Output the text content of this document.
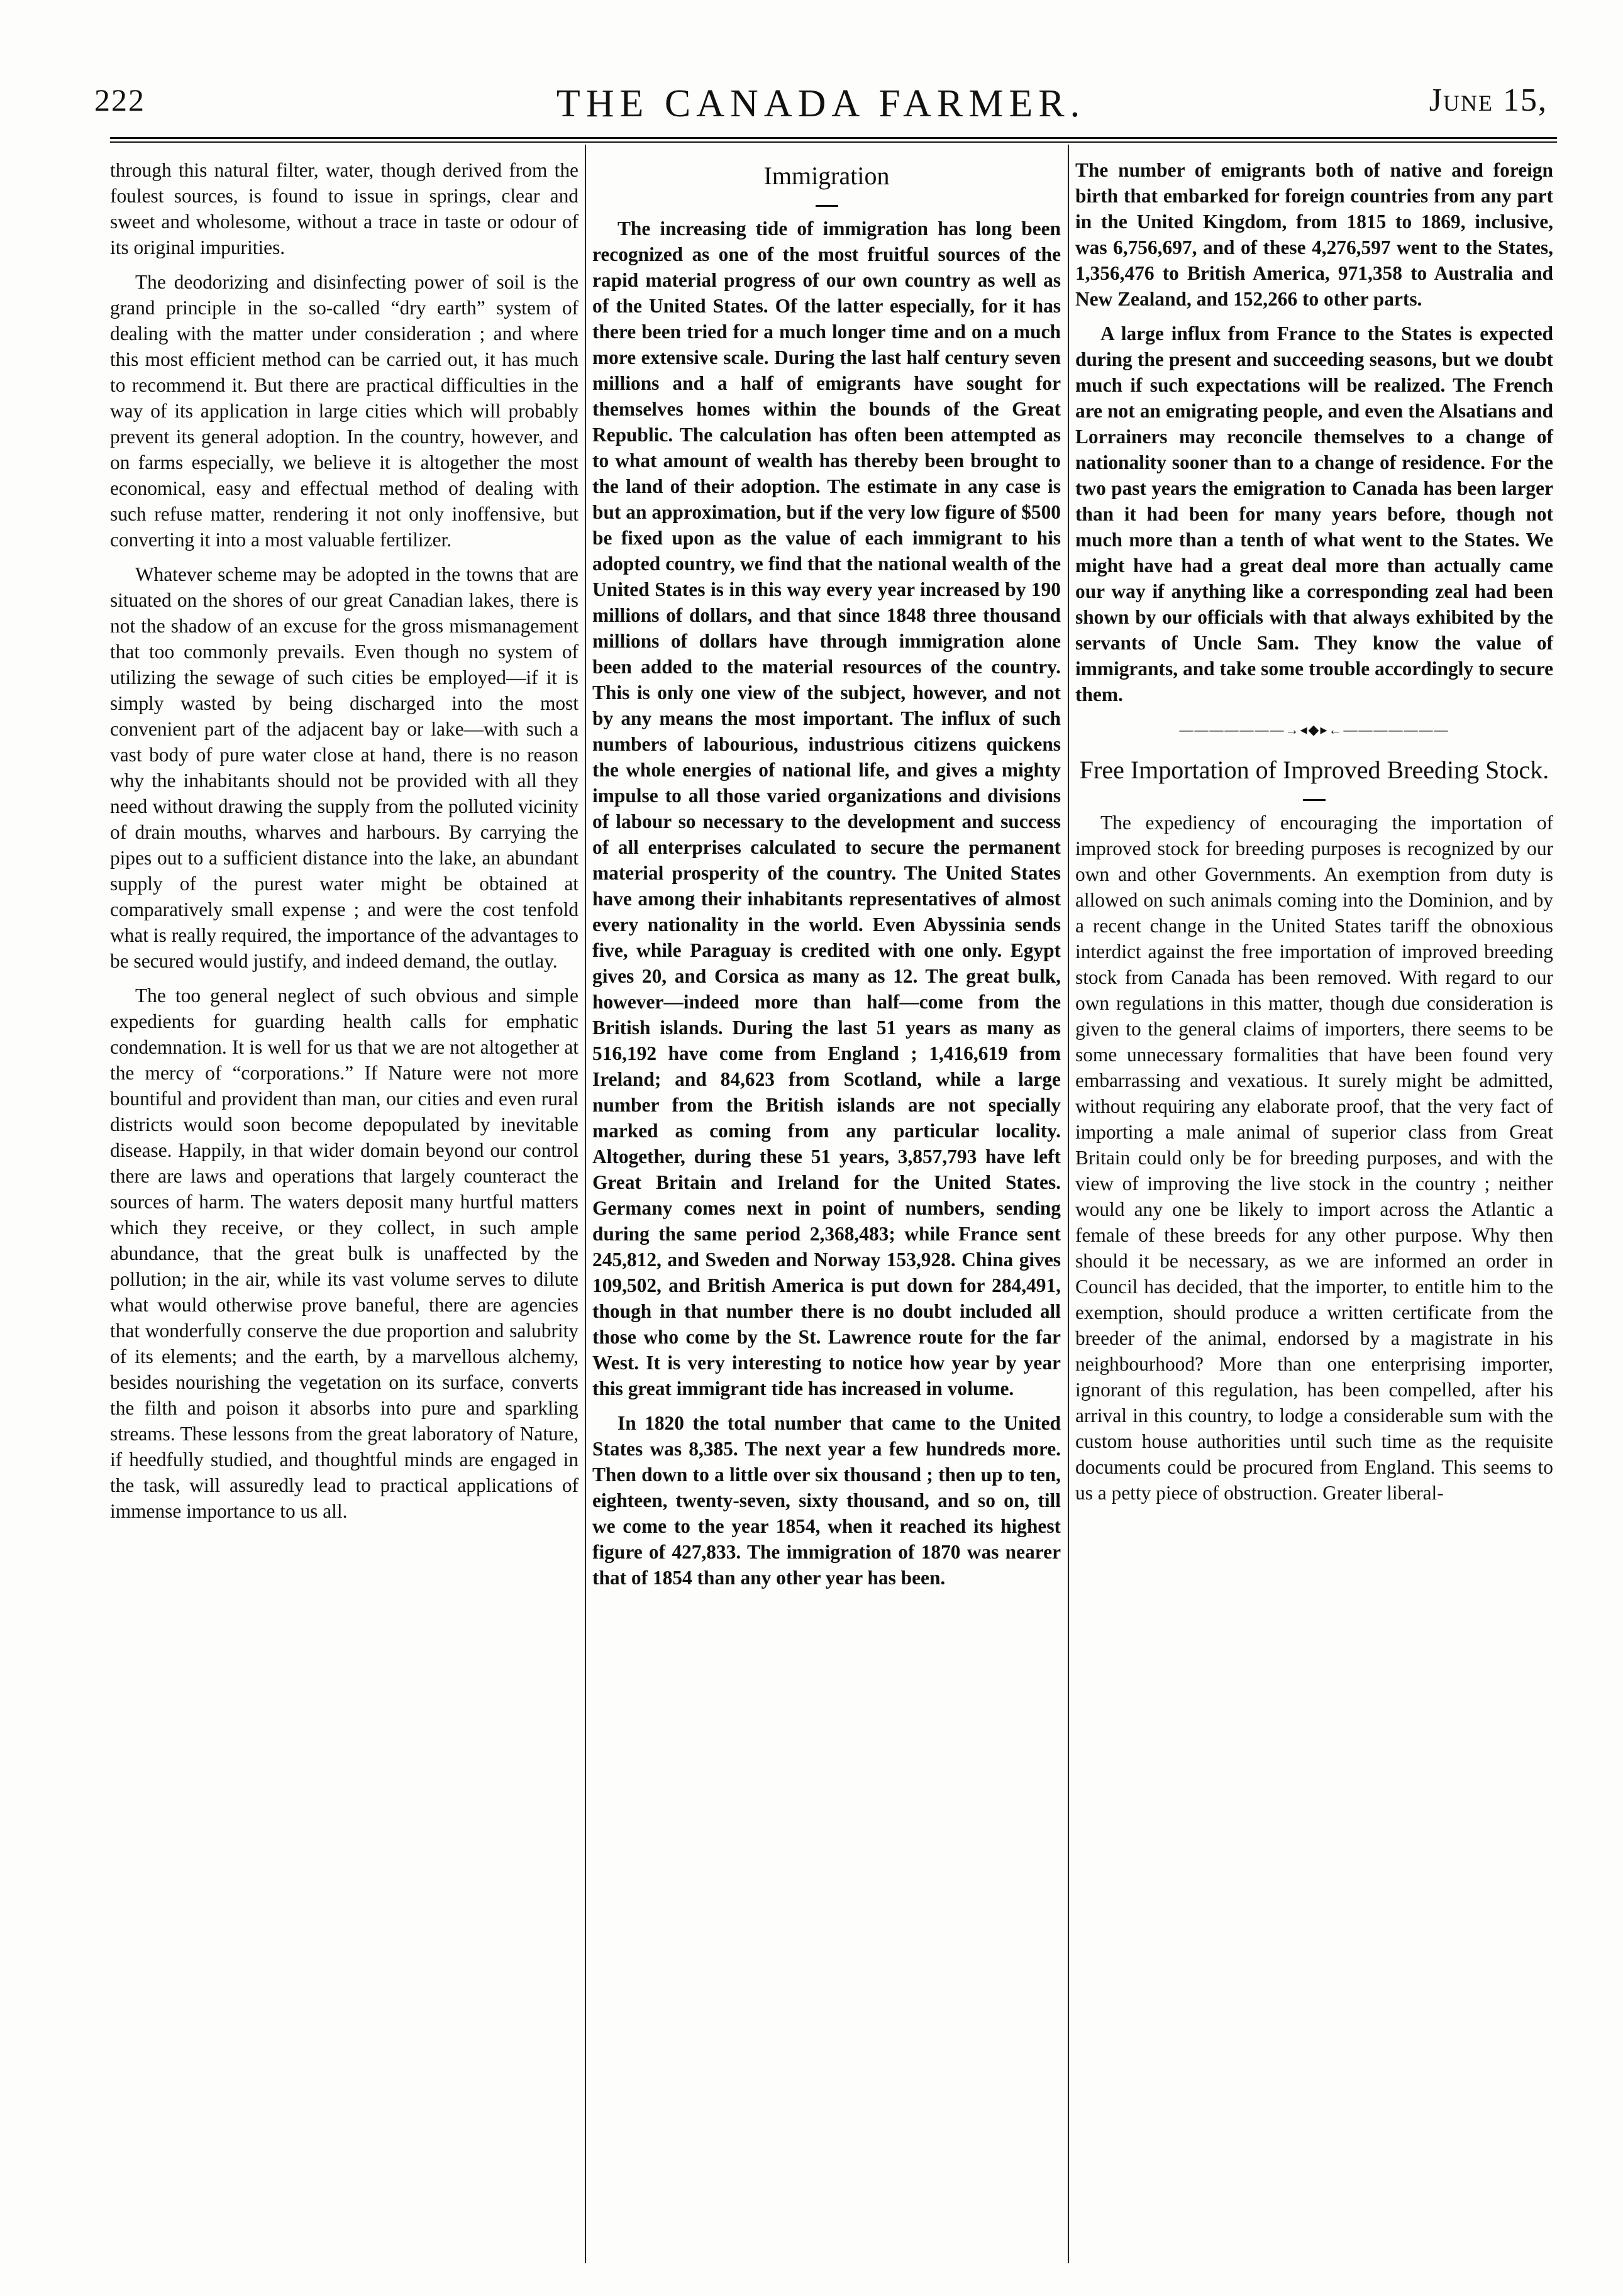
222	THE CANADA FARMER.	June 15,

through this natural filter, water, though derived from the foulest sources, is found to issue in springs, clear and sweet and wholesome, without a trace in taste or odour of its original impurities.

The deodorizing and disinfecting power of soil is the grand principle in the so-called “dry earth” system of dealing with the matter under consideration ; and where this most efficient method can be carried out, it has much to recommend it. But there are practical difficulties in the way of its application in large cities which will probably prevent its general adoption. In the country, however, and on farms especially, we believe it is altogether the most economical, easy and effectual method of dealing with such refuse matter, rendering it not only inoffensive, but converting it into a most valuable fertilizer.

Whatever scheme may be adopted in the towns that are situated on the shores of our great Canadian lakes, there is not the shadow of an excuse for the gross mismanagement that too commonly prevails. Even though no system of utilizing the sewage of such cities be employed—if it is simply wasted by being discharged into the most convenient part of the adjacent bay or lake—with such a vast body of pure water close at hand, there is no reason why the inhabitants should not be provided with all they need without drawing the supply from the polluted vicinity of drain mouths, wharves and harbours. By carrying the pipes out to a sufficient distance into the lake, an abundant supply of the purest water might be obtained at comparatively small expense ; and were the cost tenfold what is really required, the importance of the advantages to be secured would justify, and indeed demand, the outlay.

The too general neglect of such obvious and simple expedients for guarding health calls for emphatic condemnation. It is well for us that we are not altogether at the mercy of “corporations.” If Nature were not more bountiful and provident than man, our cities and even rural districts would soon become depopulated by inevitable disease. Happily, in that wider domain beyond our control there are laws and operations that largely counteract the sources of harm. The waters deposit many hurtful matters which they receive, or they collect, in such ample abundance, that the great bulk is unaffected by the pollution; in the air, while its vast volume serves to dilute what would otherwise prove baneful, there are agencies that wonderfully conserve the due proportion and salubrity of its elements; and the earth, by a marvellous alchemy, besides nourishing the vegetation on its surface, converts the filth and poison it absorbs into pure and sparkling streams. These lessons from the great laboratory of Nature, if heedfully studied, and thoughtful minds are engaged in the task, will assuredly lead to practical applications of immense importance to us all.

Immigration

The increasing tide of immigration has long been recognized as one of the most fruitful sources of the rapid material progress of our own country as well as of the United States. Of the latter especially, for it has there been tried for a much longer time and on a much more extensive scale. During the last half century seven millions and a half of emigrants have sought for themselves homes within the bounds of the Great Republic. The calculation has often been attempted as to what amount of wealth has thereby been brought to the land of their adoption. The estimate in any case is but an approximation, but if the very low figure of $500 be fixed upon as the value of each immigrant to his adopted country, we find that the national wealth of the United States is in this way every year increased by 190 millions of dollars, and that since 1848 three thousand millions of dollars have through immigration alone been added to the material resources of the country. This is only one view of the subject, however, and not by any means the most important. The influx of such numbers of labourious, industrious citizens quickens the whole energies of national life, and gives a mighty impulse to all those varied organizations and divisions of labour so necessary to the development and success of all enterprises calculated to secure the permanent material prosperity of the country. The United States have among their inhabitants representatives of almost every nationality in the world. Even Abyssinia sends five, while Paraguay is credited with one only. Egypt gives 20, and Corsica as many as 12. The great bulk, however—indeed more than half—come from the British islands. During the last 51 years as many as 516,192 have come from England ; 1,416,619 from Ireland; and 84,623 from Scotland, while a large number from the British islands are not specially marked as coming from any particular locality. Altogether, during these 51 years, 3,857,793 have left Great Britain and Ireland for the United States. Germany comes next in point of numbers, sending during the same period 2,368,483; while France sent 245,812, and Sweden and Norway 153,928. China gives 109,502, and British America is put down for 284,491, though in that number there is no doubt included all those who come by the St. Lawrence route for the far West. It is very interesting to notice how year by year this great immigrant tide has increased in volume.

In 1820 the total number that came to the United States was 8,385. The next year a few hundreds more. Then down to a little over six thousand ; then up to ten, eighteen, twenty-seven, sixty thousand, and so on, till we come to the year 1854, when it reached its highest figure of 427,833. The immigration of 1870 was nearer that of 1854 than any other year has been.

The number of emigrants both of native and foreign birth that embarked for foreign countries from any part in the United Kingdom, from 1815 to 1869, inclusive, was 6,756,697, and of these 4,276,597 went to the States, 1,356,476 to British America, 971,358 to Australia and New Zealand, and 152,266 to other parts.

A large influx from France to the States is expected during the present and succeeding seasons, but we doubt much if such expectations will be realized. The French are not an emigrating people, and even the Alsatians and Lorrainers may reconcile themselves to a change of nationality sooner than to a change of residence. For the two past years the emigration to Canada has been larger than it had been for many years before, though not much more than a tenth of what went to the States. We might have had a great deal more than actually came our way if anything like a corresponding zeal had been shown by our officials with that always exhibited by the servants of Uncle Sam. They know the value of immigrants, and take some trouble accordingly to secure them.

———————→◂◆▸←———————
Free Importation of Improved Breeding Stock.

The expediency of encouraging the importation of improved stock for breeding purposes is recognized by our own and other Governments. An exemption from duty is allowed on such animals coming into the Dominion, and by a recent change in the United States tariff the obnoxious interdict against the free importation of improved breeding stock from Canada has been removed. With regard to our own regulations in this matter, though due consideration is given to the general claims of importers, there seems to be some unnecessary formalities that have been found very embarrassing and vexatious. It surely might be admitted, without requiring any elaborate proof, that the very fact of importing a male animal of superior class from Great Britain could only be for breeding purposes, and with the view of improving the live stock in the country ; neither would any one be likely to import across the Atlantic a female of these breeds for any other purpose. Why then should it be necessary, as we are informed an order in Council has decided, that the importer, to entitle him to the exemption, should produce a written certificate from the breeder of the animal, endorsed by a magistrate in his neighbourhood? More than one enterprising importer, ignorant of this regulation, has been compelled, after his arrival in this country, to lodge a considerable sum with the custom house authorities until such time as the requisite documents could be procured from England. This seems to us a petty piece of obstruction. Greater liberal-
